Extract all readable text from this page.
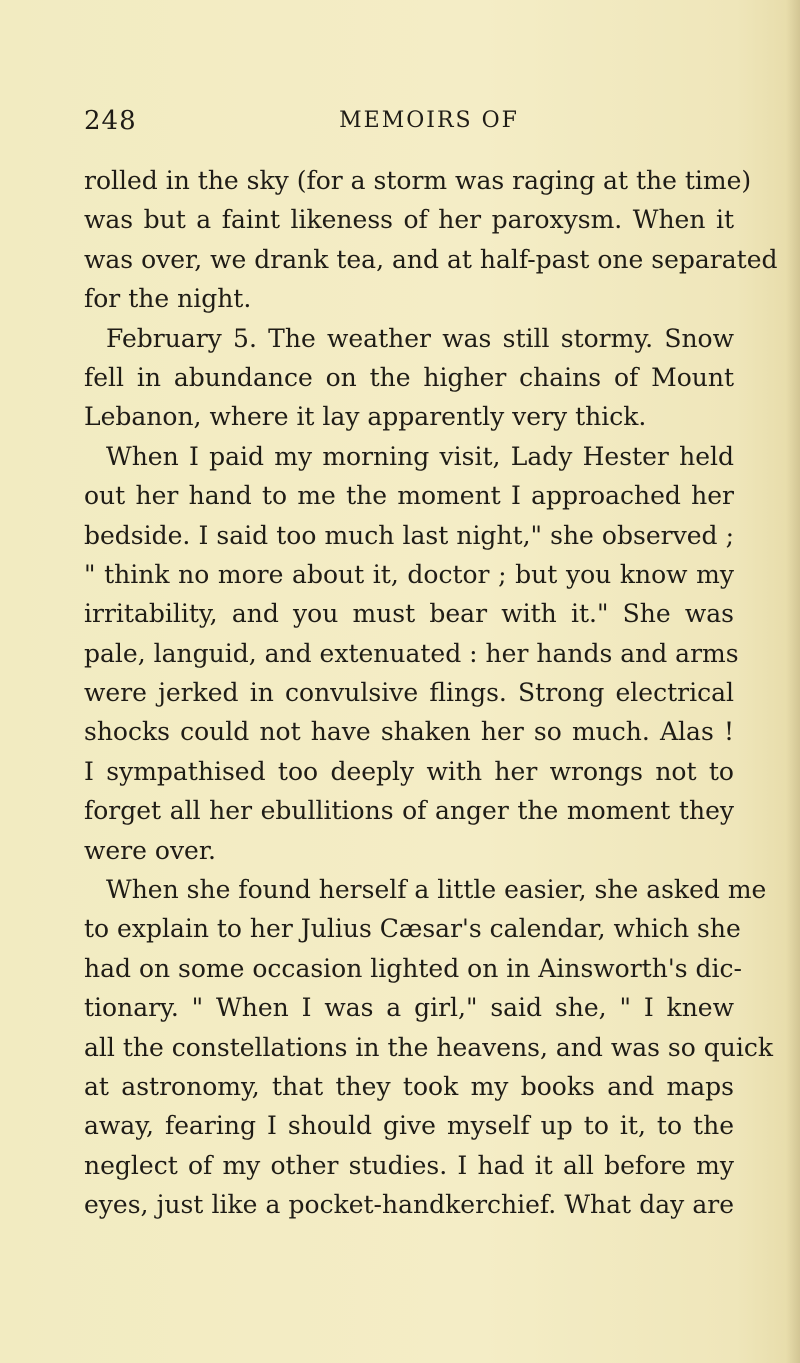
248	MEMOIRS OF
rolled in the sky (for a storm was raging at the time)
was but a faint likeness of her paroxysm. When it
was over, we drank tea, and at half-past one separated
for the night.
February 5. The weather was still stormy. Snow
fell in abundance on the higher chains of Mount
Lebanon, where it lay apparently very thick.
When I paid my morning visit, Lady Hester held
out her hand to me the moment I approached her
bedside. I said too much last night," she observed ;
" think no more about it, doctor ; but you know my
irritability, and you must bear with it." She was
pale, languid, and extenuated : her hands and arms
were jerked in convulsive flings. Strong electrical
shocks could not have shaken her so much. Alas !
I sympathised too deeply with her wrongs not to
forget all her ebullitions of anger the moment they
were over.
When she found herself a little easier, she asked me
to explain to her Julius Cæsar's calendar, which she
had on some occasion lighted on in Ainsworth's dic-
tionary. " When I was a girl," said she, " I knew
all the constellations in the heavens, and was so quick
at astronomy, that they took my books and maps
away, fearing I should give myself up to it, to the
neglect of my other studies. I had it all before my
eyes, just like a pocket-handkerchief. What day are
